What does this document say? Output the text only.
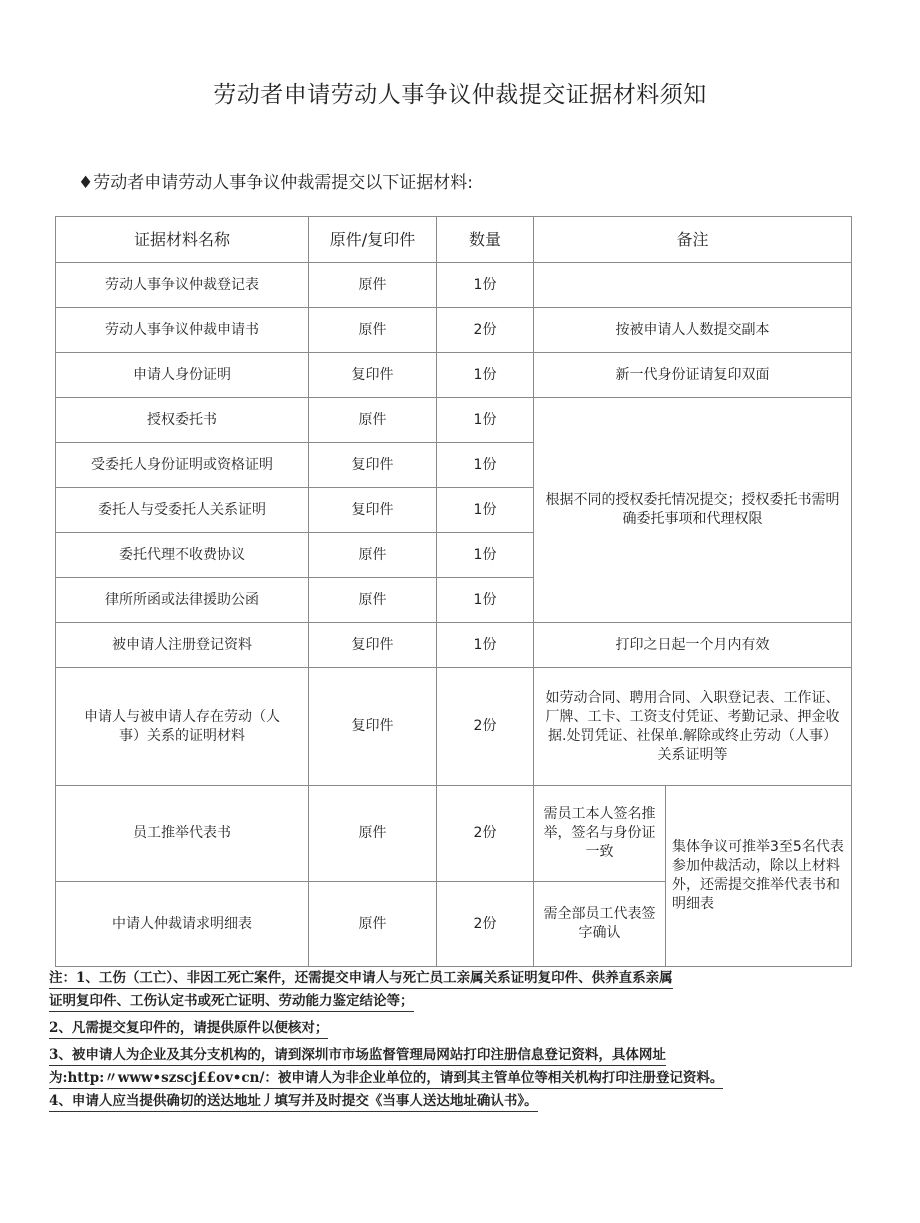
劳动者申请劳动人事争议仲裁提交证据材料须知
♦劳动者申请劳动人事争议仲裁需提交以下证据材料:
证据材料名称	原件/复印件	数量	备注	
劳动人事争议仲裁登记表	原件	1份		
劳动人事争议仲裁申请书	原件	2份	按被申请人人数提交副本	
申请人身份证明	复印件	1份	新一代身份证请复印双面	
授权委托书	原件	1份	根据不同的授权委托情况提交；授权委托书需明确委托事项和代理权限	
受委托人身份证明或资格证明	复印件	1份		
委托人与受委托人关系证明	复印件	1份		
委托代理不收费协议	原件	1份		
律所所函或法律援助公函	原件	1份		
被申请人注册登记资料	复印件	1份	打印之日起一个月内有效	
申请人与被申请人存在劳动（人事）关系的证明材料	复印件	2份	如劳动合同、聘用合同、入职登记表、工作证、厂牌、工卡、工资支付凭证、考勤记录、押金收据.处罚凭证、社保单.解除或终止劳动（人事）关系证明等	
员工推举代表书	原件	2份	需员工本人签名推举，签名与身份证一致	集体争议可推举3至5名代表参加仲裁活动，除以上材料外，还需提交推举代表书和明细表
中请人仲裁请求明细表	原件	2份	需全部员工代表签字确认	
注：1、工伤（工亡）、非因工死亡案件，还需提交申请人与死亡员工亲属关系证明复印件、供养直系亲属
证明复印件、工伤认定书或死亡证明、劳动能力鉴定结论等；
2、凡需提交复印件的，请提供原件以便核对；
3、被申请人为企业及其分支机构的，请到深圳市市场监督管理局网站打印注册信息登记资料，具体网址
为:http:〃www•szscj££ov•cn/：被申请人为非企业单位的，请到其主管单位等相关机构打印注册登记资料。
4、申请人应当提供确切的送达地址丿填写并及时提交《当事人送达地址确认书》。
